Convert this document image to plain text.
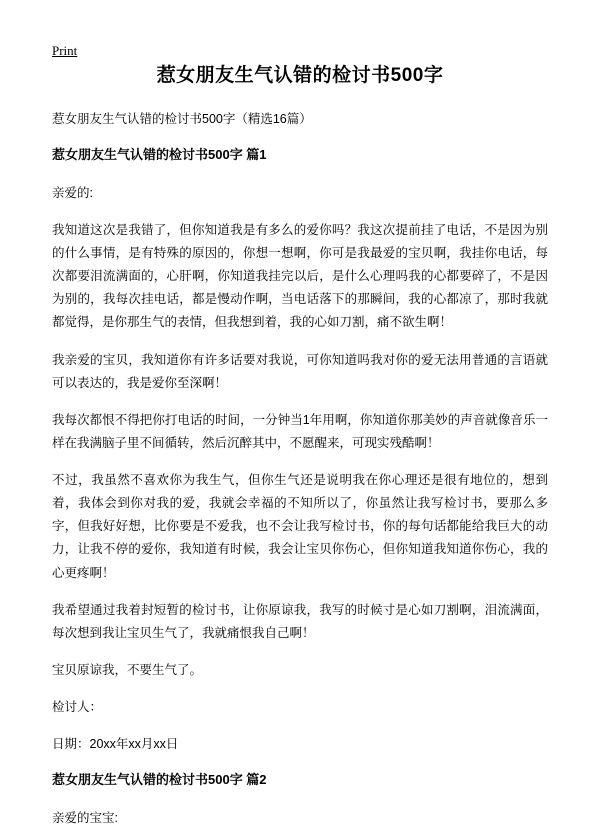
Print
惹女朋友生气认错的检讨书500字

惹女朋友生气认错的检讨书500字（精选16篇）

惹女朋友生气认错的检讨书500字 篇1

亲爱的:

我知道这次是我错了，但你知道我是有多么的爱你吗？我这次提前挂了电话，不是因为别的什么事情，是有特殊的原因的，你想一想啊，你可是我最爱的宝贝啊，我挂你电话，每次都要泪流满面的，心肝啊，你知道我挂完以后，是什么心理吗我的心都要碎了，不是因为别的，我每次挂电话，都是慢动作啊，当电话落下的那瞬间，我的心都凉了，那时我就都觉得，是你那生气的表情，但我想到着，我的心如刀割，痛不欲生啊！

我亲爱的宝贝，我知道你有许多话要对我说，可你知道吗我对你的爱无法用普通的言语就可以表达的，我是爱你至深啊！

我每次都恨不得把你打电话的时间，一分钟当1年用啊，你知道你那美妙的声音就像音乐一样在我满脑子里不间循转，然后沉醉其中，不愿醒来，可现实残酷啊！

不过，我虽然不喜欢你为我生气，但你生气还是说明我在你心理还是很有地位的，想到着，我体会到你对我的爱，我就会幸福的不知所以了，你虽然让我写检讨书，要那么多字，但我好好想，比你要是不爱我，也不会让我写检讨书，你的每句话都能给我巨大的动力，让我不停的爱你，我知道有时候，我会让宝贝你伤心，但你知道我知道你伤心，我的心更疼啊！

我希望通过我着封短暂的检讨书，让你原谅我，我写的时候寸是心如刀割啊，泪流满面，每次想到我让宝贝生气了，我就痛恨我自己啊！

宝贝原谅我，不要生气了。

检讨人：

日期：20xx年xx月xx日

惹女朋友生气认错的检讨书500字 篇2

亲爱的宝宝:
